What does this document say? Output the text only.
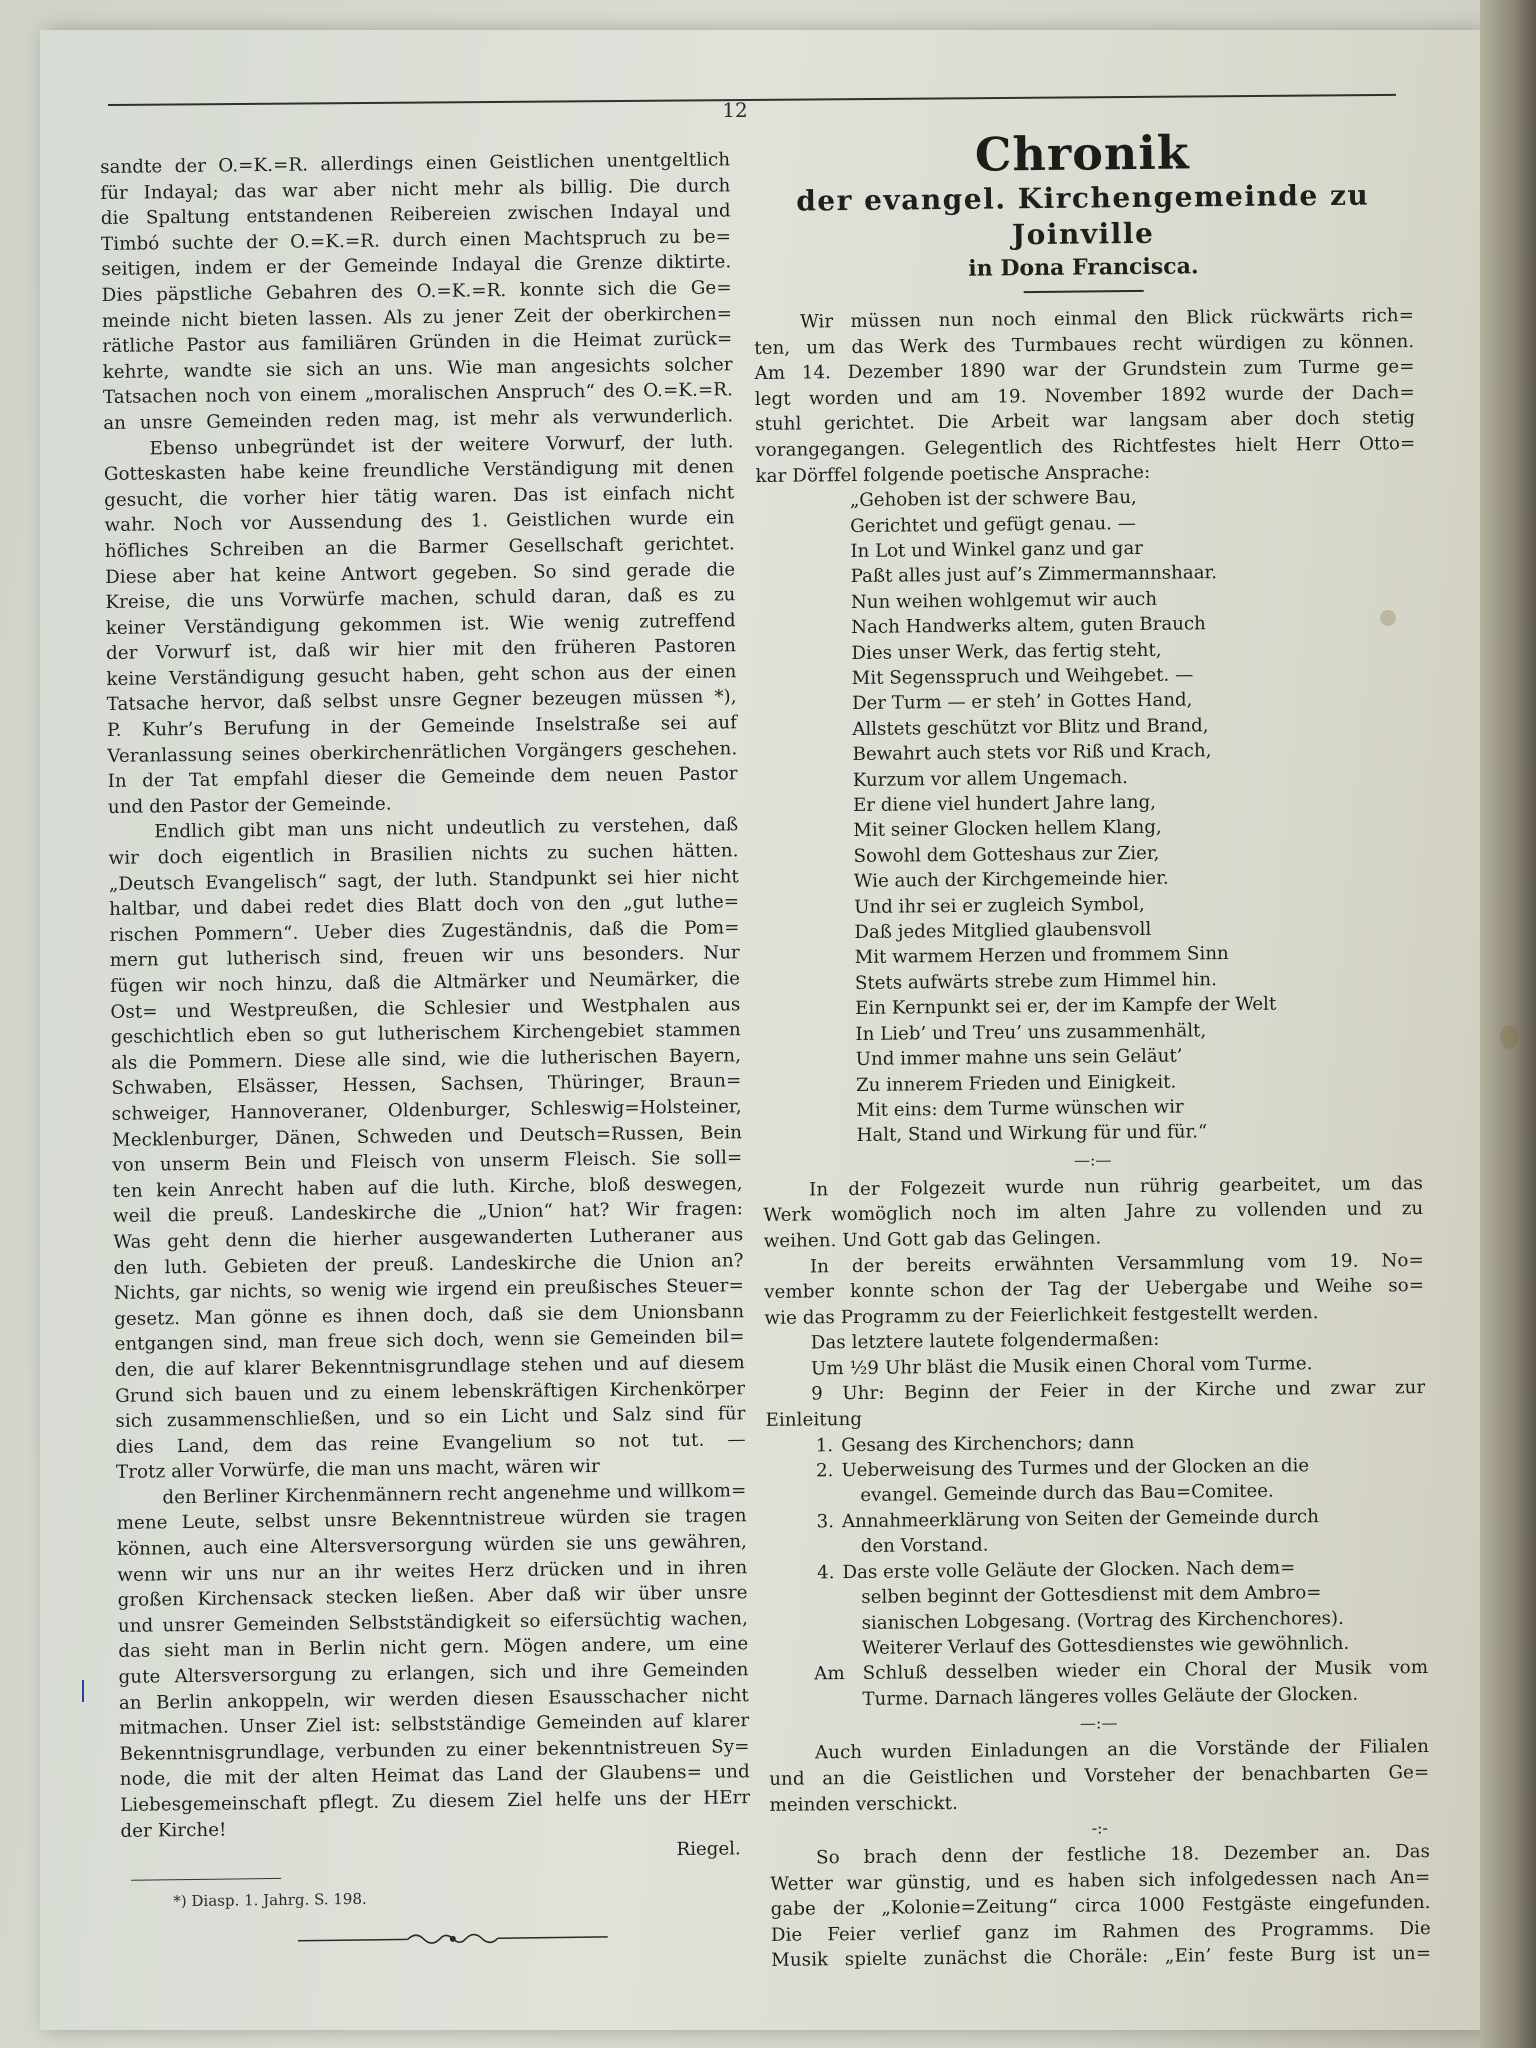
12
sandte der O.=K.=R. allerdings einen Geistlichen unentgeltlich
für Indayal; das war aber nicht mehr als billig. Die durch
die Spaltung entstandenen Reibereien zwischen Indayal und
Timbó suchte der O.=K.=R. durch einen Machtspruch zu be=
seitigen, indem er der Gemeinde Indayal die Grenze diktirte.
Dies päpstliche Gebahren des O.=K.=R. konnte sich die Ge=
meinde nicht bieten lassen. Als zu jener Zeit der oberkirchen=
rätliche Pastor aus familiären Gründen in die Heimat zurück=
kehrte, wandte sie sich an uns. Wie man angesichts solcher
Tatsachen noch von einem „moralischen Anspruch“ des O.=K.=R.
an unsre Gemeinden reden mag, ist mehr als verwunderlich.
Ebenso unbegründet ist der weitere Vorwurf, der luth.
Gotteskasten habe keine freundliche Verständigung mit denen
gesucht, die vorher hier tätig waren. Das ist einfach nicht
wahr. Noch vor Aussendung des 1. Geistlichen wurde ein
höfliches Schreiben an die Barmer Gesellschaft gerichtet.
Diese aber hat keine Antwort gegeben. So sind gerade die
Kreise, die uns Vorwürfe machen, schuld daran, daß es zu
keiner Verständigung gekommen ist. Wie wenig zutreffend
der Vorwurf ist, daß wir hier mit den früheren Pastoren
keine Verständigung gesucht haben, geht schon aus der einen
Tatsache hervor, daß selbst unsre Gegner bezeugen müssen *),
P. Kuhr’s Berufung in der Gemeinde Inselstraße sei auf
Veranlassung seines oberkirchenrätlichen Vorgängers geschehen.
In der Tat empfahl dieser die Gemeinde dem neuen Pastor
und den Pastor der Gemeinde.
Endlich gibt man uns nicht undeutlich zu verstehen, daß
wir doch eigentlich in Brasilien nichts zu suchen hätten.
„Deutsch Evangelisch“ sagt, der luth. Standpunkt sei hier nicht
haltbar, und dabei redet dies Blatt doch von den „gut luthe=
rischen Pommern“. Ueber dies Zugeständnis, daß die Pom=
mern gut lutherisch sind, freuen wir uns besonders. Nur
fügen wir noch hinzu, daß die Altmärker und Neumärker, die
Ost= und Westpreußen, die Schlesier und Westphalen aus
geschichtlich eben so gut lutherischem Kirchengebiet stammen
als die Pommern. Diese alle sind, wie die lutherischen Bayern,
Schwaben, Elsässer, Hessen, Sachsen, Thüringer, Braun=
schweiger, Hannoveraner, Oldenburger, Schleswig=Holsteiner,
Mecklenburger, Dänen, Schweden und Deutsch=Russen, Bein
von unserm Bein und Fleisch von unserm Fleisch. Sie soll=
ten kein Anrecht haben auf die luth. Kirche, bloß deswegen,
weil die preuß. Landeskirche die „Union“ hat? Wir fragen:
Was geht denn die hierher ausgewanderten Lutheraner aus
den luth. Gebieten der preuß. Landeskirche die Union an?
Nichts, gar nichts, so wenig wie irgend ein preußisches Steuer=
gesetz. Man gönne es ihnen doch, daß sie dem Unionsbann
entgangen sind, man freue sich doch, wenn sie Gemeinden bil=
den, die auf klarer Bekenntnisgrundlage stehen und auf diesem
Grund sich bauen und zu einem lebenskräftigen Kirchenkörper
sich zusammenschließen, und so ein Licht und Salz sind für
dies Land, dem das reine Evangelium so not tut. —
Trotz aller Vorwürfe, die man uns macht, wären wir
den Berliner Kirchenmännern recht angenehme und willkom=
mene Leute, selbst unsre Bekenntnistreue würden sie tragen
können, auch eine Altersversorgung würden sie uns gewähren,
wenn wir uns nur an ihr weites Herz drücken und in ihren
großen Kirchensack stecken ließen. Aber daß wir über unsre
und unsrer Gemeinden Selbstständigkeit so eifersüchtig wachen,
das sieht man in Berlin nicht gern. Mögen andere, um eine
gute Altersversorgung zu erlangen, sich und ihre Gemeinden
an Berlin ankoppeln, wir werden diesen Esausschacher nicht
mitmachen. Unser Ziel ist: selbstständige Gemeinden auf klarer
Bekenntnisgrundlage, verbunden zu einer bekenntnistreuen Sy=
node, die mit der alten Heimat das Land der Glaubens= und
Liebesgemeinschaft pflegt. Zu diesem Ziel helfe uns der HErr
der Kirche!
Riegel.
*) Diasp. 1. Jahrg. S. 198.
Chronik
der evangel. Kirchengemeinde zu Joinville
in Dona Francisca.
Wir müssen nun noch einmal den Blick rückwärts rich=
ten, um das Werk des Turmbaues recht würdigen zu können.
Am 14. Dezember 1890 war der Grundstein zum Turme ge=
legt worden und am 19. November 1892 wurde der Dach=
stuhl gerichtet. Die Arbeit war langsam aber doch stetig
vorangegangen. Gelegentlich des Richtfestes hielt Herr Otto=
kar Dörffel folgende poetische Ansprache:
„Gehoben ist der schwere Bau,
Gerichtet und gefügt genau. —
In Lot und Winkel ganz und gar
Paßt alles just auf’s Zimmermannshaar.
Nun weihen wohlgemut wir auch
Nach Handwerks altem, guten Brauch
Dies unser Werk, das fertig steht,
Mit Segensspruch und Weihgebet. —
Der Turm — er steh’ in Gottes Hand,
Allstets geschützt vor Blitz und Brand,
Bewahrt auch stets vor Riß und Krach,
Kurzum vor allem Ungemach.
Er diene viel hundert Jahre lang,
Mit seiner Glocken hellem Klang,
Sowohl dem Gotteshaus zur Zier,
Wie auch der Kirchgemeinde hier.
Und ihr sei er zugleich Symbol,
Daß jedes Mitglied glaubensvoll
Mit warmem Herzen und frommem Sinn
Stets aufwärts strebe zum Himmel hin.
Ein Kernpunkt sei er, der im Kampfe der Welt
In Lieb’ und Treu’ uns zusammenhält,
Und immer mahne uns sein Geläut’
Zu innerem Frieden und Einigkeit.
Mit eins: dem Turme wünschen wir
Halt, Stand und Wirkung für und für.“
—:—
In der Folgezeit wurde nun rührig gearbeitet, um das
Werk womöglich noch im alten Jahre zu vollenden und zu
weihen. Und Gott gab das Gelingen.
In der bereits erwähnten Versammlung vom 19. No=
vember konnte schon der Tag der Uebergabe und Weihe so=
wie das Programm zu der Feierlichkeit festgestellt werden.
Das letztere lautete folgendermaßen:
Um ½9 Uhr bläst die Musik einen Choral vom Turme.
9 Uhr: Beginn der Feier in der Kirche und zwar zur
Einleitung
1. Gesang des Kirchenchors; dann
2. Ueberweisung des Turmes und der Glocken an die
evangel. Gemeinde durch das Bau=Comitee.
3. Annahmeerklärung von Seiten der Gemeinde durch
den Vorstand.
4. Das erste volle Geläute der Glocken. Nach dem=
selben beginnt der Gottesdienst mit dem Ambro=
sianischen Lobgesang. (Vortrag des Kirchenchores).
Weiterer Verlauf des Gottesdienstes wie gewöhnlich.
Am Schluß desselben wieder ein Choral der Musik vom
Turme. Darnach längeres volles Geläute der Glocken.
—:—
Auch wurden Einladungen an die Vorstände der Filialen
und an die Geistlichen und Vorsteher der benachbarten Ge=
meinden verschickt.
-:-
So brach denn der festliche 18. Dezember an. Das
Wetter war günstig, und es haben sich infolgedessen nach An=
gabe der „Kolonie=Zeitung“ circa 1000 Festgäste eingefunden.
Die Feier verlief ganz im Rahmen des Programms. Die
Musik spielte zunächst die Choräle: „Ein’ feste Burg ist un=
